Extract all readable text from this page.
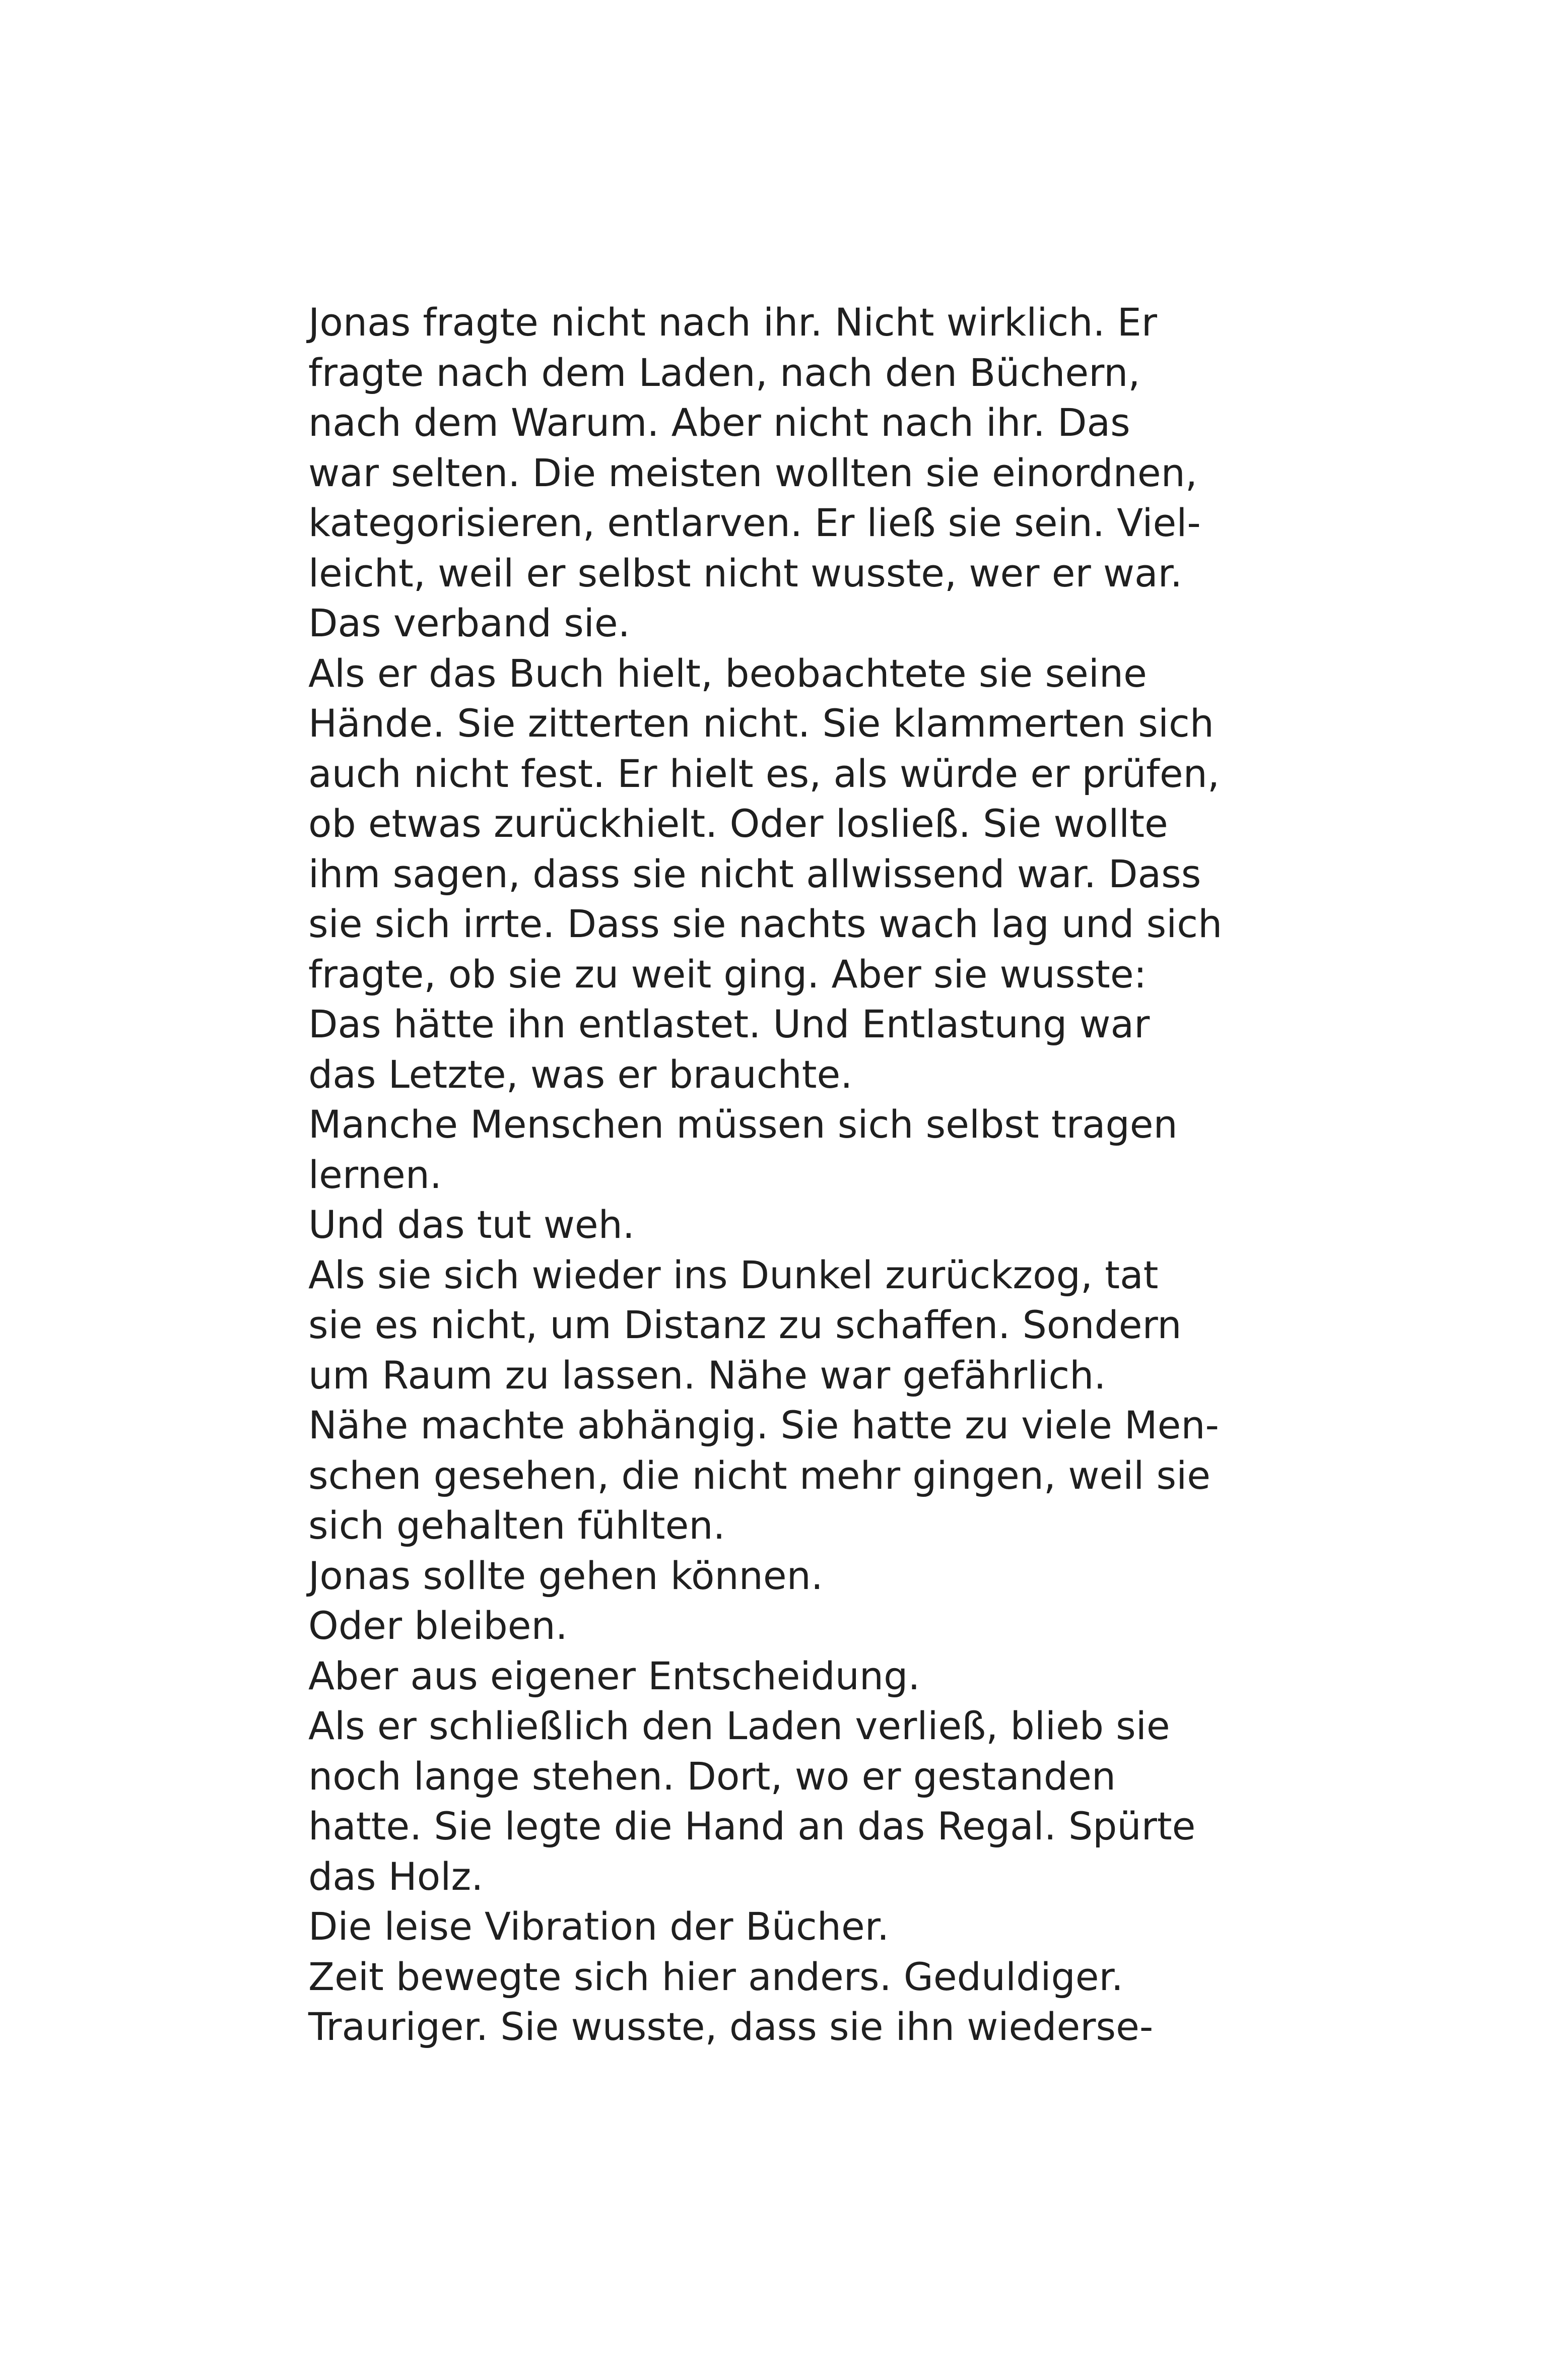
Jonas fragte nicht nach ihr. Nicht wirklich. Er
fragte nach dem Laden, nach den Büchern,
nach dem Warum. Aber nicht nach ihr. Das
war selten. Die meisten wollten sie einordnen,
kategorisieren, entlarven. Er ließ sie sein. Viel-
leicht, weil er selbst nicht wusste, wer er war.
Das verband sie.
Als er das Buch hielt, beobachtete sie seine
Hände. Sie zitterten nicht. Sie klammerten sich
auch nicht fest. Er hielt es, als würde er prüfen,
ob etwas zurückhielt. Oder losließ. Sie wollte
ihm sagen, dass sie nicht allwissend war. Dass
sie sich irrte. Dass sie nachts wach lag und sich
fragte, ob sie zu weit ging. Aber sie wusste:
Das hätte ihn entlastet. Und Entlastung war
das Letzte, was er brauchte.
Manche Menschen müssen sich selbst tragen
lernen.
Und das tut weh.
Als sie sich wieder ins Dunkel zurückzog, tat
sie es nicht, um Distanz zu schaffen. Sondern
um Raum zu lassen. Nähe war gefährlich.
Nähe machte abhängig. Sie hatte zu viele Men-
schen gesehen, die nicht mehr gingen, weil sie
sich gehalten fühlten.
Jonas sollte gehen können.
Oder bleiben.
Aber aus eigener Entscheidung.
Als er schließlich den Laden verließ, blieb sie
noch lange stehen. Dort, wo er gestanden
hatte. Sie legte die Hand an das Regal. Spürte
das Holz.
Die leise Vibration der Bücher.
Zeit bewegte sich hier anders. Geduldiger.
Trauriger. Sie wusste, dass sie ihn wiederse-
